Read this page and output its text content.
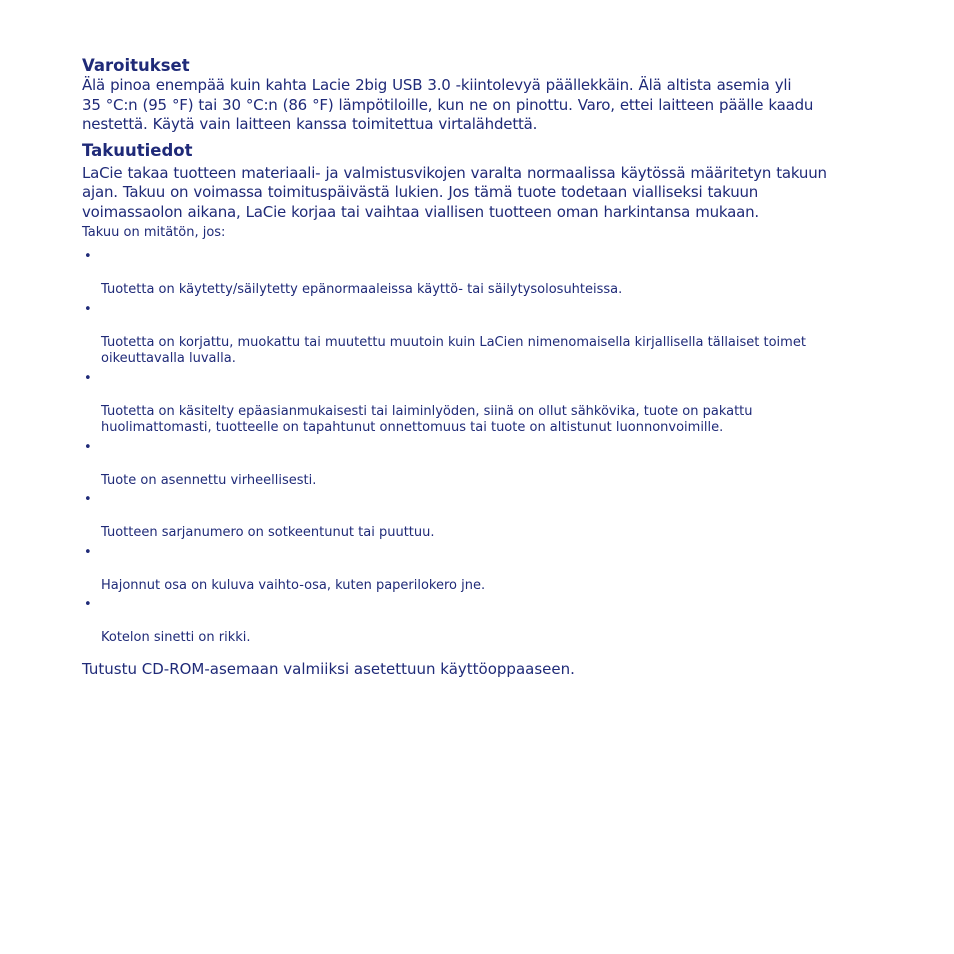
Varoitukset

Älä pinoa enempää kuin kahta Lacie 2big USB 3.0 -kiintolevyä päällekkäin. Älä altista asemia yli
35 °C:n (95 °F) tai 30 °C:n (86 °F) lämpötiloille, kun ne on pinottu. Varo, ettei laitteen päälle kaadu
nestettä. Käytä vain laitteen kanssa toimitettua virtalähdettä.

Takuutiedot

LaCie takaa tuotteen materiaali- ja valmistusvikojen varalta normaalissa käytössä määritetyn takuun
ajan. Takuu on voimassa toimituspäivästä lukien. Jos tämä tuote todetaan vialliseksi takuun
voimassaolon aikana, LaCie korjaa tai vaihtaa viallisen tuotteen oman harkintansa mukaan.

Takuu on mitätön, jos:

•

Tuotetta on käytetty/säilytetty epänormaaleissa käyttö- tai säilytysolosuhteissa.

•

Tuotetta on korjattu, muokattu tai muutettu muutoin kuin LaCien nimenomaisella kirjallisella tällaiset toimet
oikeuttavalla luvalla.

•

Tuotetta on käsitelty epäasianmukaisesti tai laiminlyöden, siinä on ollut sähkövika, tuote on pakattu
huolimattomasti, tuotteelle on tapahtunut onnettomuus tai tuote on altistunut luonnonvoimille.

•

Tuote on asennettu virheellisesti.

•

Tuotteen sarjanumero on sotkeentunut tai puuttuu.

•

Hajonnut osa on kuluva vaihto-osa, kuten paperilokero jne.

•

Kotelon sinetti on rikki.

Tutustu CD-ROM-asemaan valmiiksi asetettuun käyttöoppaaseen.
